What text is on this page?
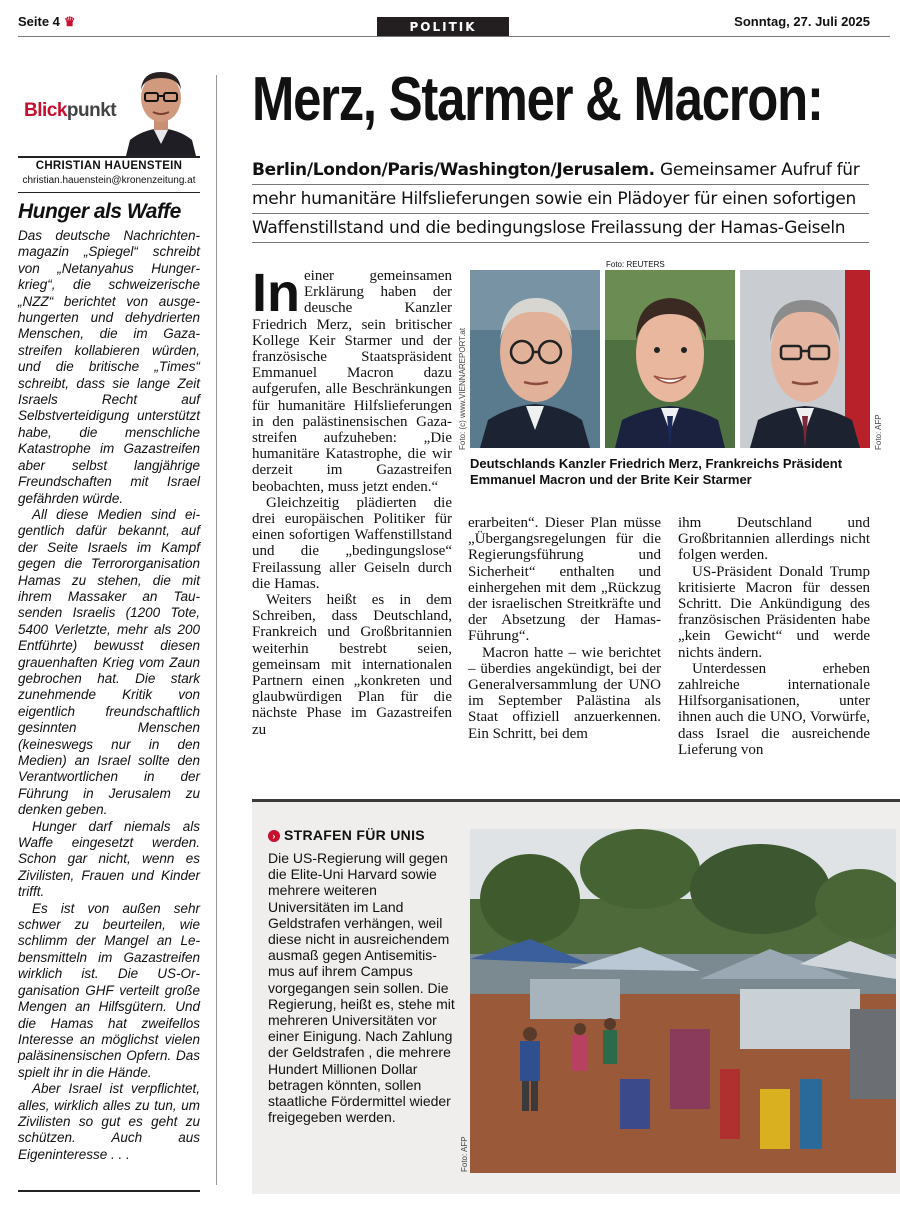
Seite 4 ♛	POLITIK	Sonntag, 27. Juli 2025
Blickpunkt
CHRISTIAN HAUENSTEIN
christian.hauenstein@kronenzeitung.at
Hunger als Waffe

Das deutsche Nachrichtenmagazin „Spiegel“ schreibt von „Netanyahus Hungerkrieg“, die schweizerische „NZZ“ berichtet von ausgehungerten und dehydrierten Menschen, die im Gazastreifen kollabieren würden, und die britische „Times“ schreibt, dass sie lange Zeit Israels Recht auf Selbstverteidigung unterstützt habe, die menschliche Katastrophe im Gazastreifen aber selbst langjährige Freundschaften mit Israel gefährden würde.

All diese Medien sind eigentlich dafür bekannt, auf der Seite Israels im Kampf gegen die Terrororganisation Hamas zu stehen, die mit ihrem Massaker an Tausenden Israelis (1200 Tote, 5400 Verletzte, mehr als 200 Entführte) bewusst diesen grauenhaften Krieg vom Zaun gebrochen hat. Die stark zunehmende Kritik von eigentlich freundschaftlich gesinnten Menschen (keineswegs nur in den Medien) an Israel sollte den Verantwortlichen in der Führung in Jerusalem zu denken geben.

Hunger darf niemals als Waffe eingesetzt werden. Schon gar nicht, wenn es Zivilisten, Frauen und Kinder trifft.

Es ist von außen sehr schwer zu beurteilen, wie schlimm der Mangel an Lebensmitteln im Gazastreifen wirklich ist. Die US-Organisation GHF verteilt große Mengen an Hilfsgütern. Und die Hamas hat zweifellos Interesse an möglichst vielen paläsinensischen Opfern. Das spielt ihr in die Hände.

Aber Israel ist verpflichtet, alles, wirklich alles zu tun, um Zivilisten so gut es geht zu schützen. Auch aus Eigeninteresse . . .

Merz, Starmer & Macron:
Berlin/London/Paris/Washington/Jerusalem. Gemeinsamer Aufruf für
mehr humanitäre Hilfslieferungen sowie ein Plädoyer für einen sofortigen
Waffenstillstand und die bedingungslose Freilassung der Hamas-Geiseln

In einer gemeinsamen Erklärung haben der deusche Kanzler Friedrich Merz, sein britischer Kollege Keir Starmer und der französische Staatspräsident Emmanuel Macron dazu aufgerufen, alle Beschränkungen für humanitäre Hilfslieferungen in den palästinensischen Gazastreifen aufzuheben: „Die humanitäre Katastrophe, die wir derzeit im Gazastreifen beobachten, muss jetzt enden.“

Gleichzeitig plädierten die drei europäischen Politiker für einen sofortigen Waffenstillstand und die „bedingungslose“ Freilassung aller Geiseln durch die Hamas.

Weiters heißt es in dem Schreiben, dass Deutschland, Frankreich und Großbritannien weiterhin bestrebt seien, gemeinsam mit internationalen Partnern einen „konkreten und glaubwürdigen Plan für die nächste Phase im Gazastreifen zu

Foto: (c) www.VIENNAREPORT.at
Foto: REUTERS
Foto: AFP
Deutschlands Kanzler Friedrich Merz, Frankreichs Präsident Emmanuel Macron und der Brite Keir Starmer

erarbeiten“. Dieser Plan müsse „Übergangsregelungen für die Regierungsführung und Sicherheit“ enthalten und einhergehen mit dem „Rückzug der israelischen Streitkräfte und der Absetzung der Hamas-Führung“.

Macron hatte – wie berichtet – überdies angekündigt, bei der Generalversammlung der UNO im September Palästina als Staat offiziell anzuerkennen. Ein Schritt, bei dem

ihm Deutschland und Großbritannien allerdings nicht folgen werden.

US-Präsident Donald Trump kritisierte Macron für dessen Schritt. Die Ankündigung des französischen Präsidenten habe „kein Gewicht“ und werde nichts ändern.

Unterdessen erheben zahlreiche internationale Hilfsorganisationen, unter ihnen auch die UNO, Vorwürfe, dass Israel die ausreichende Lieferung von

› STRAFEN FÜR UNIS
Die US-Regierung will gegen die Elite-Uni Harvard sowie mehrere weiteren Universitäten im Land Geldstrafen verhängen, weil diese nicht in ausreichendem ausmaß gegen Antisemitismus auf ihrem Campus vorgegangen sein sollen. Die Regierung, heißt es, stehe mit mehreren Universitäten vor einer Einigung. Nach Zahlung der Geldstrafen , die mehrere Hundert Millionen Dollar betragen könnten, sollen staatliche Fördermittel wieder freigegeben werden.
Foto: AFP
